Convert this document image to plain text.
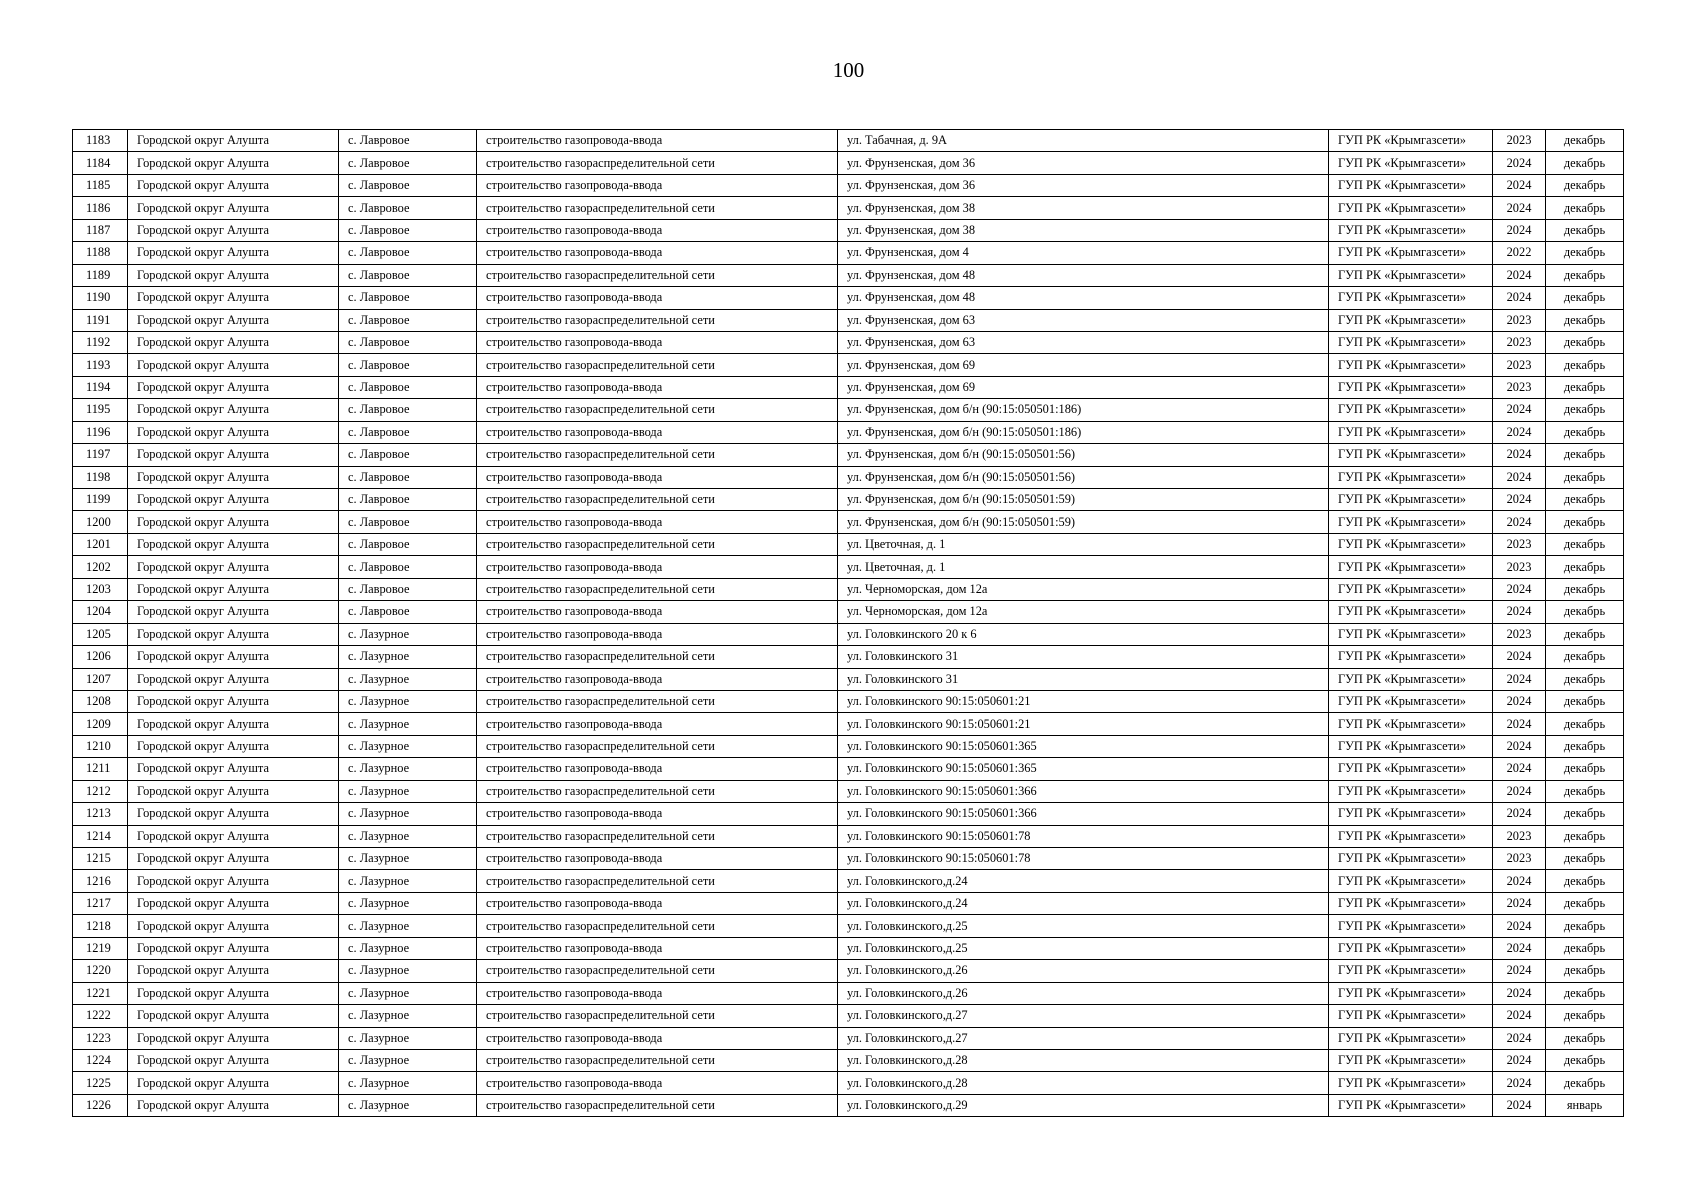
100
1183	Городской округ Алушта	с. Лавровое	строительство газопровода-ввода	ул. Табачная, д. 9А	ГУП РК «Крымгазсети»	2023	декабрь
1184	Городской округ Алушта	с. Лавровое	строительство газораспределительной сети	ул. Фрунзенская, дом 36	ГУП РК «Крымгазсети»	2024	декабрь
1185	Городской округ Алушта	с. Лавровое	строительство газопровода-ввода	ул. Фрунзенская, дом 36	ГУП РК «Крымгазсети»	2024	декабрь
1186	Городской округ Алушта	с. Лавровое	строительство газораспределительной сети	ул. Фрунзенская, дом 38	ГУП РК «Крымгазсети»	2024	декабрь
1187	Городской округ Алушта	с. Лавровое	строительство газопровода-ввода	ул. Фрунзенская, дом 38	ГУП РК «Крымгазсети»	2024	декабрь
1188	Городской округ Алушта	с. Лавровое	строительство газопровода-ввода	ул. Фрунзенская, дом 4	ГУП РК «Крымгазсети»	2022	декабрь
1189	Городской округ Алушта	с. Лавровое	строительство газораспределительной сети	ул. Фрунзенская, дом 48	ГУП РК «Крымгазсети»	2024	декабрь
1190	Городской округ Алушта	с. Лавровое	строительство газопровода-ввода	ул. Фрунзенская, дом 48	ГУП РК «Крымгазсети»	2024	декабрь
1191	Городской округ Алушта	с. Лавровое	строительство газораспределительной сети	ул. Фрунзенская, дом 63	ГУП РК «Крымгазсети»	2023	декабрь
1192	Городской округ Алушта	с. Лавровое	строительство газопровода-ввода	ул. Фрунзенская, дом 63	ГУП РК «Крымгазсети»	2023	декабрь
1193	Городской округ Алушта	с. Лавровое	строительство газораспределительной сети	ул. Фрунзенская, дом 69	ГУП РК «Крымгазсети»	2023	декабрь
1194	Городской округ Алушта	с. Лавровое	строительство газопровода-ввода	ул. Фрунзенская, дом 69	ГУП РК «Крымгазсети»	2023	декабрь
1195	Городской округ Алушта	с. Лавровое	строительство газораспределительной сети	ул. Фрунзенская, дом б/н (90:15:050501:186)	ГУП РК «Крымгазсети»	2024	декабрь
1196	Городской округ Алушта	с. Лавровое	строительство газопровода-ввода	ул. Фрунзенская, дом б/н (90:15:050501:186)	ГУП РК «Крымгазсети»	2024	декабрь
1197	Городской округ Алушта	с. Лавровое	строительство газораспределительной сети	ул. Фрунзенская, дом б/н (90:15:050501:56)	ГУП РК «Крымгазсети»	2024	декабрь
1198	Городской округ Алушта	с. Лавровое	строительство газопровода-ввода	ул. Фрунзенская, дом б/н (90:15:050501:56)	ГУП РК «Крымгазсети»	2024	декабрь
1199	Городской округ Алушта	с. Лавровое	строительство газораспределительной сети	ул. Фрунзенская, дом б/н (90:15:050501:59)	ГУП РК «Крымгазсети»	2024	декабрь
1200	Городской округ Алушта	с. Лавровое	строительство газопровода-ввода	ул. Фрунзенская, дом б/н (90:15:050501:59)	ГУП РК «Крымгазсети»	2024	декабрь
1201	Городской округ Алушта	с. Лавровое	строительство газораспределительной сети	ул. Цветочная, д. 1	ГУП РК «Крымгазсети»	2023	декабрь
1202	Городской округ Алушта	с. Лавровое	строительство газопровода-ввода	ул. Цветочная, д. 1	ГУП РК «Крымгазсети»	2023	декабрь
1203	Городской округ Алушта	с. Лавровое	строительство газораспределительной сети	ул. Черноморская, дом 12а	ГУП РК «Крымгазсети»	2024	декабрь
1204	Городской округ Алушта	с. Лавровое	строительство газопровода-ввода	ул. Черноморская, дом 12а	ГУП РК «Крымгазсети»	2024	декабрь
1205	Городской округ Алушта	с. Лазурное	строительство газопровода-ввода	ул. Головкинского 20 к 6	ГУП РК «Крымгазсети»	2023	декабрь
1206	Городской округ Алушта	с. Лазурное	строительство газораспределительной сети	ул. Головкинского 31	ГУП РК «Крымгазсети»	2024	декабрь
1207	Городской округ Алушта	с. Лазурное	строительство газопровода-ввода	ул. Головкинского 31	ГУП РК «Крымгазсети»	2024	декабрь
1208	Городской округ Алушта	с. Лазурное	строительство газораспределительной сети	ул. Головкинского 90:15:050601:21	ГУП РК «Крымгазсети»	2024	декабрь
1209	Городской округ Алушта	с. Лазурное	строительство газопровода-ввода	ул. Головкинского 90:15:050601:21	ГУП РК «Крымгазсети»	2024	декабрь
1210	Городской округ Алушта	с. Лазурное	строительство газораспределительной сети	ул. Головкинского 90:15:050601:365	ГУП РК «Крымгазсети»	2024	декабрь
1211	Городской округ Алушта	с. Лазурное	строительство газопровода-ввода	ул. Головкинского 90:15:050601:365	ГУП РК «Крымгазсети»	2024	декабрь
1212	Городской округ Алушта	с. Лазурное	строительство газораспределительной сети	ул. Головкинского 90:15:050601:366	ГУП РК «Крымгазсети»	2024	декабрь
1213	Городской округ Алушта	с. Лазурное	строительство газопровода-ввода	ул. Головкинского 90:15:050601:366	ГУП РК «Крымгазсети»	2024	декабрь
1214	Городской округ Алушта	с. Лазурное	строительство газораспределительной сети	ул. Головкинского 90:15:050601:78	ГУП РК «Крымгазсети»	2023	декабрь
1215	Городской округ Алушта	с. Лазурное	строительство газопровода-ввода	ул. Головкинского 90:15:050601:78	ГУП РК «Крымгазсети»	2023	декабрь
1216	Городской округ Алушта	с. Лазурное	строительство газораспределительной сети	ул. Головкинского,д.24	ГУП РК «Крымгазсети»	2024	декабрь
1217	Городской округ Алушта	с. Лазурное	строительство газопровода-ввода	ул. Головкинского,д.24	ГУП РК «Крымгазсети»	2024	декабрь
1218	Городской округ Алушта	с. Лазурное	строительство газораспределительной сети	ул. Головкинского,д.25	ГУП РК «Крымгазсети»	2024	декабрь
1219	Городской округ Алушта	с. Лазурное	строительство газопровода-ввода	ул. Головкинского,д.25	ГУП РК «Крымгазсети»	2024	декабрь
1220	Городской округ Алушта	с. Лазурное	строительство газораспределительной сети	ул. Головкинского,д.26	ГУП РК «Крымгазсети»	2024	декабрь
1221	Городской округ Алушта	с. Лазурное	строительство газопровода-ввода	ул. Головкинского,д.26	ГУП РК «Крымгазсети»	2024	декабрь
1222	Городской округ Алушта	с. Лазурное	строительство газораспределительной сети	ул. Головкинского,д.27	ГУП РК «Крымгазсети»	2024	декабрь
1223	Городской округ Алушта	с. Лазурное	строительство газопровода-ввода	ул. Головкинского,д.27	ГУП РК «Крымгазсети»	2024	декабрь
1224	Городской округ Алушта	с. Лазурное	строительство газораспределительной сети	ул. Головкинского,д.28	ГУП РК «Крымгазсети»	2024	декабрь
1225	Городской округ Алушта	с. Лазурное	строительство газопровода-ввода	ул. Головкинского,д.28	ГУП РК «Крымгазсети»	2024	декабрь
1226	Городской округ Алушта	с. Лазурное	строительство газораспределительной сети	ул. Головкинского,д.29	ГУП РК «Крымгазсети»	2024	январь
